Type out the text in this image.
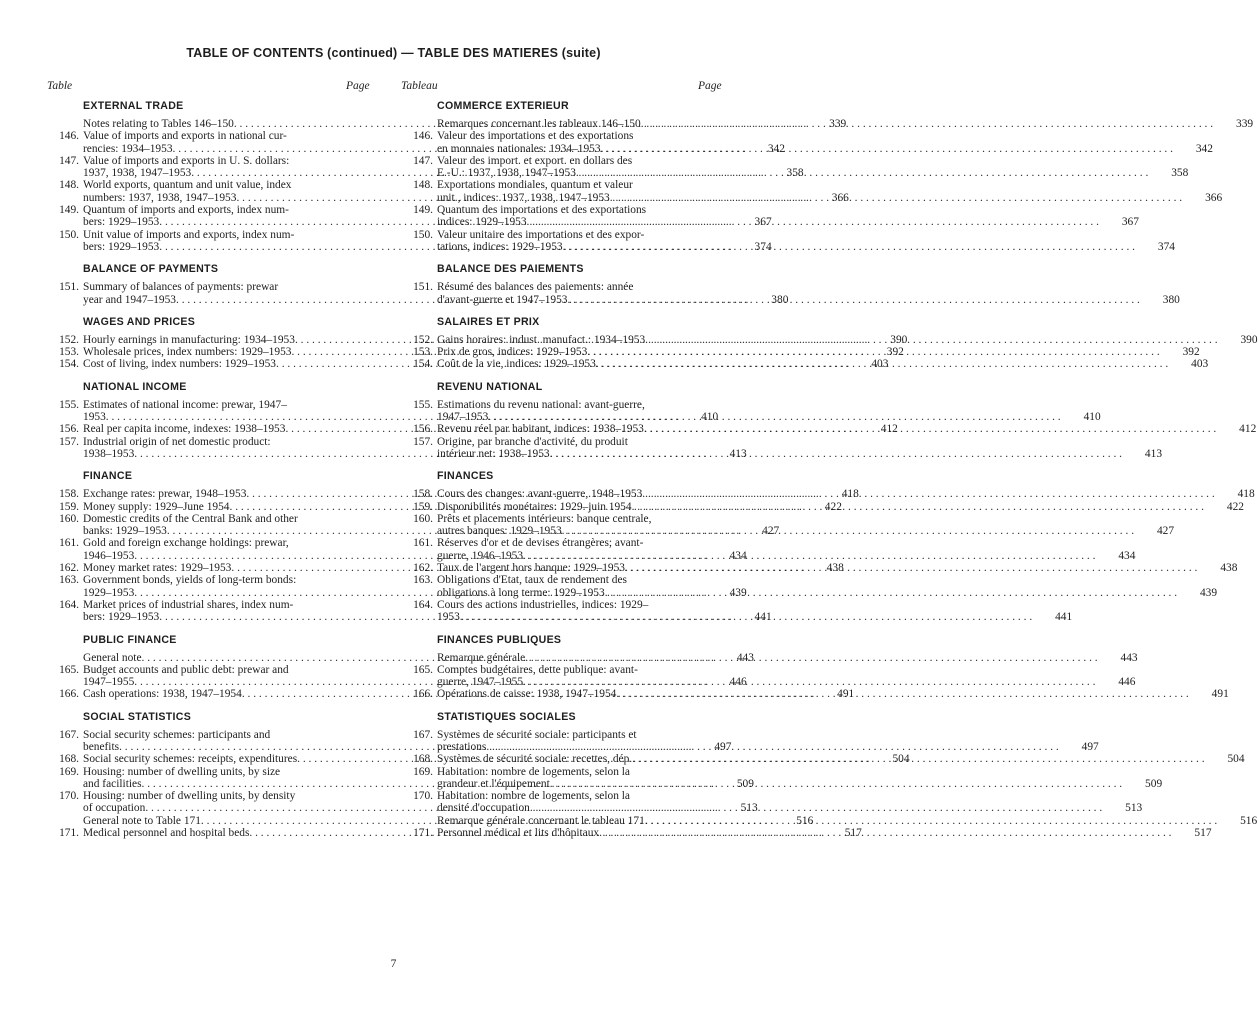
TABLE OF CONTENTS (continued) — TABLE DES MATIERES (suite)
Table	Page	Tableau	Page
EXTERNAL TRADE
Notes relating to Tables 146–150 . . .	339
146. Value of imports and exports in national cur-
rencies: 1934–1953 . . .	342
147. Value of imports and exports in U. S. dollars:
1937, 1938, 1947–1953 . . .	358
148. World exports, quantum and unit value, index
numbers: 1937, 1938, 1947–1953 . . .	366
149. Quantum of imports and exports, index num-
bers: 1929–1953 . . .	367
150. Unit value of imports and exports, index num-
bers: 1929–1953 . . .	374
BALANCE OF PAYMENTS
151. Summary of balances of payments: prewar
year and 1947–1953 . . .	380
WAGES AND PRICES
152. Hourly earnings in manufacturing: 1934–1953 . . .	390
153. Wholesale prices, index numbers: 1929–1953 . . .	392
154. Cost of living, index numbers: 1929–1953 . . .	403
NATIONAL INCOME
155. Estimates of national income: prewar, 1947–
1953 . . .	410
156. Real per capita income, indexes: 1938–1953 . . .	412
157. Industrial origin of net domestic product:
1938–1953 . . .	413
FINANCE
158. Exchange rates: prewar, 1948–1953 . . .	418
159. Money supply: 1929–June 1954 . . .	422
160. Domestic credits of the Central Bank and other
banks: 1929–1953 . . .	427
161. Gold and foreign exchange holdings: prewar,
1946–1953 . . .	434
162. Money market rates: 1929–1953 . . .	438
163. Government bonds, yields of long-term bonds:
1929–1953 . . .	439
164. Market prices of industrial shares, index num-
bers: 1929–1953 . . .	441
PUBLIC FINANCE
General note . . .	443
165. Budget accounts and public debt: prewar and
1947–1955 . . .	446
166. Cash operations: 1938, 1947–1954 . . .	491
SOCIAL STATISTICS
167. Social security schemes: participants and
benefits . . .	497
168. Social security schemes: receipts, expenditures . . .	504
169. Housing: number of dwelling units, by size
and facilities . . .	509
170. Housing: number of dwelling units, by density
of occupation . . .	513
General note to Table 171 . . .	516
171. Medical personnel and hospital beds . . .	517
COMMERCE EXTERIEUR
Remarques concernant les tableaux 146–150 . . .	339
146. Valeur des importations et des exportations
en monnaies nationales: 1934–1953 . . .	342
147. Valeur des import. et export. en dollars des
E.-U.: 1937, 1938, 1947–1953 . . .	358
148. Exportations mondiales, quantum et valeur
unit., indices: 1937, 1938, 1947–1953 . . .	366
149. Quantum des importations et des exportations
indices: 1929–1953 . . .	367
150. Valeur unitaire des importations et des expor-
tations, indices: 1929–1953 . . .	374
BALANCE DES PAIEMENTS
151. Résumé des balances des paiements: année
d'avant-guerre et 1947–1953 . . .	380
SALAIRES ET PRIX
152. Gains horaires: indust. manufact.: 1934–1953 . . .	390
153. Prix de gros, indices: 1929–1953 . . .	392
154. Coût de la vie, indices: 1929–1953 . . .	403
REVENU NATIONAL
155. Estimations du revenu national: avant-guerre,
1947–1953 . . .	410
156. Revenu réel par habitant, indices: 1938–1953 . . .	412
157. Origine, par branche d'activité, du produit
intérieur net: 1938–1953 . . .	413
FINANCES
158. Cours des changes: avant-guerre, 1948–1953 . . .	418
159. Disponibilités monétaires: 1929–juin 1954 . . .	422
160. Prêts et placements intérieurs: banque centrale,
autres banques: 1929–1953 . . .	427
161. Réserves d'or et de devises étrangères; avant-
guerre, 1946–1953 . . .	434
162. Taux de l'argent hors banque: 1929–1953 . . .	438
163. Obligations d'Etat, taux de rendement des
obligations à long terme: 1929–1953 . . .	439
164. Cours des actions industrielles, indices: 1929–
1953 . . .	441
FINANCES PUBLIQUES
Remarque générale . . .	443
165. Comptes budgétaires, dette publique: avant-
guerre, 1947–1955 . . .	446
166. Opérations de caisse: 1938, 1947–1954 . . .	491
STATISTIQUES SOCIALES
167. Systèmes de sécurité sociale: participants et
prestations . . .	497
168. Systèmes de sécurité sociale: recettes, dép. . . .	504
169. Habitation: nombre de logements, selon la
grandeur et l'équipement . . .	509
170. Habitation: nombre de logements, selon la
densité d'occupation . . .	513
Remarque générale concernant le tableau 171 . . .	516
171. Personnel médical et lits d'hôpitaux . . .	517
7
